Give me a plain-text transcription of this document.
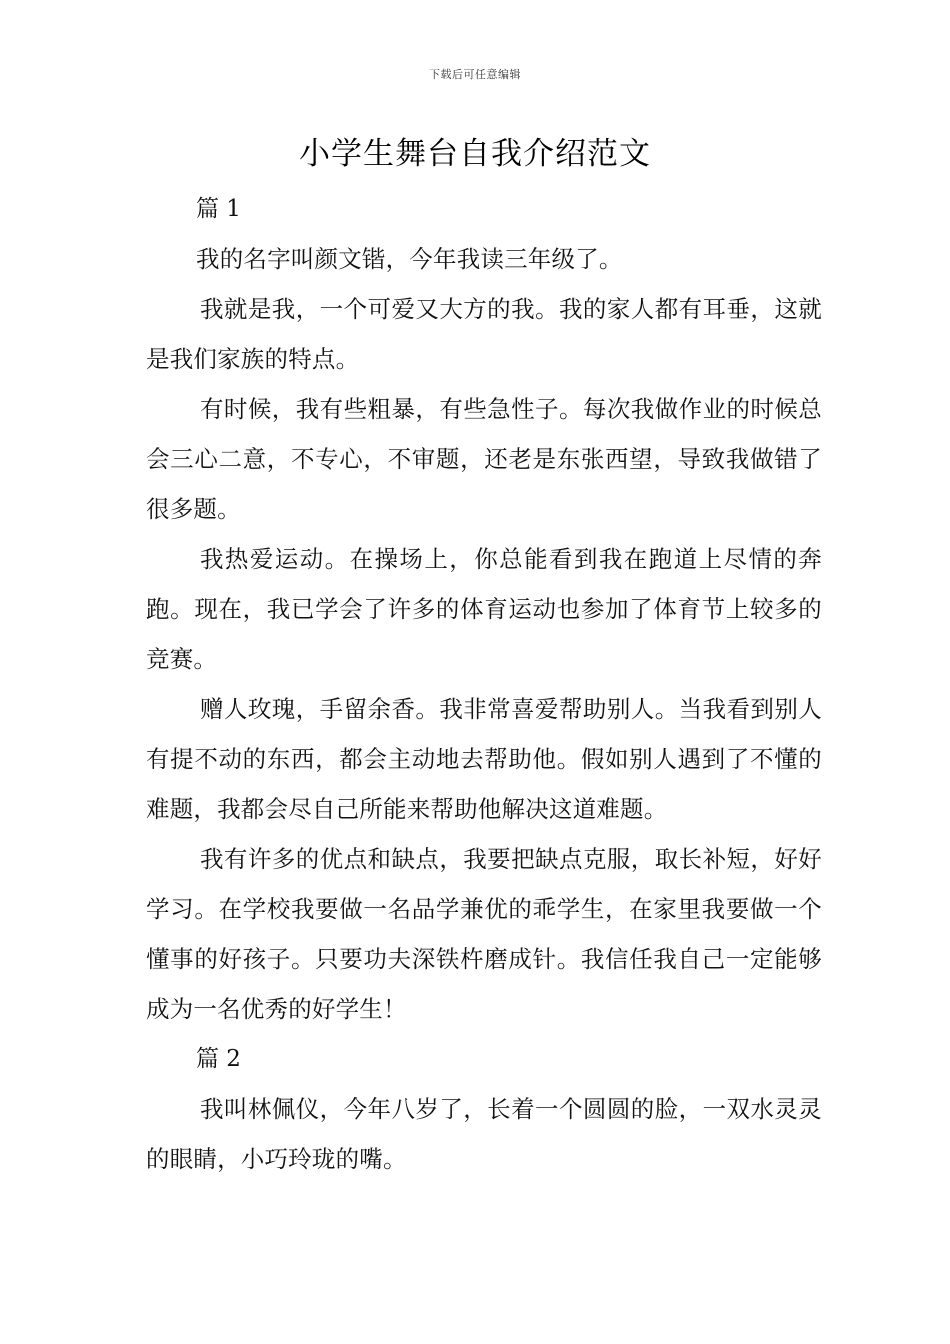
下载后可任意编辑
小学生舞台自我介绍范文
篇 1

我的名字叫颜文锴，今年我读三年级了。

我就是我，一个可爱又大方的我。我的家人都有耳垂，这就是我们家族的特点。

有时候，我有些粗暴，有些急性子。每次我做作业的时候总会三心二意，不专心，不审题，还老是东张西望，导致我做错了很多题。

我热爱运动。在操场上，你总能看到我在跑道上尽情的奔跑。现在，我已学会了许多的体育运动也参加了体育节上较多的竞赛。

赠人玫瑰，手留余香。我非常喜爱帮助别人。当我看到别人有提不动的东西，都会主动地去帮助他。假如别人遇到了不懂的难题，我都会尽自己所能来帮助他解决这道难题。

我有许多的优点和缺点，我要把缺点克服，取长补短，好好学习。在学校我要做一名品学兼优的乖学生，在家里我要做一个懂事的好孩子。只要功夫深铁杵磨成针。我信任我自己一定能够成为一名优秀的好学生！

篇 2

我叫林佩仪，今年八岁了，长着一个圆圆的脸，一双水灵灵的眼睛，小巧玲珑的嘴。
